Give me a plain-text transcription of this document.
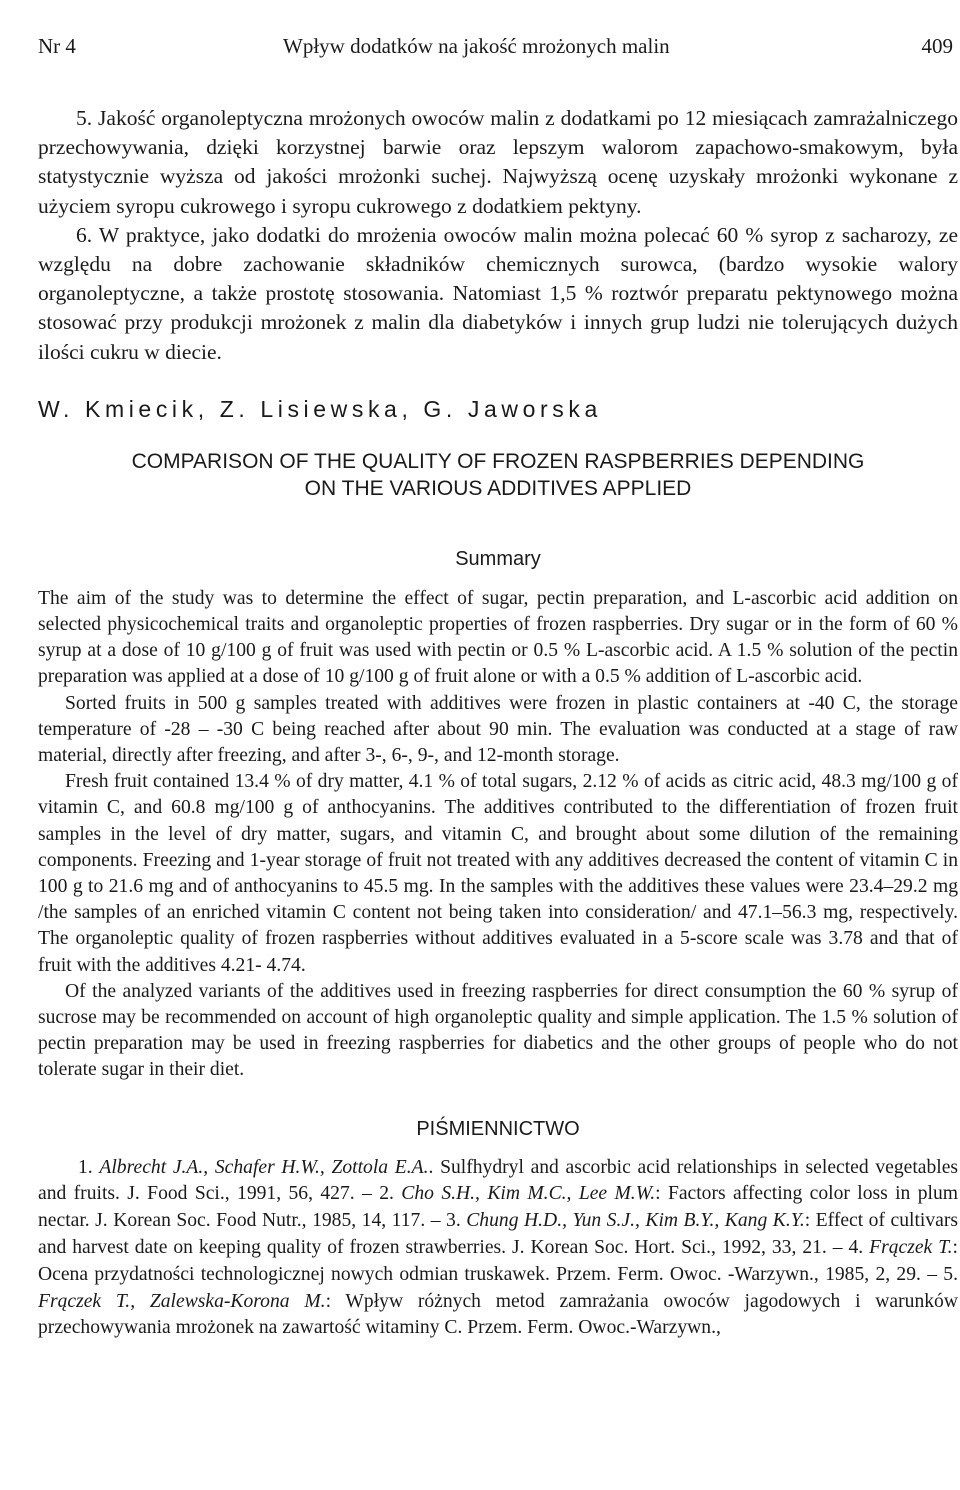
Nr 4	Wpływ dodatków na jakość mrożonych malin	409

5. Jakość organoleptyczna mrożonych owoców malin z dodatkami po 12 miesiącach zamrażalniczego przechowywania, dzięki korzystnej barwie oraz lepszym walorom zapachowo-smakowym, była statystycznie wyższa od jakości mrożonki suchej. Najwyższą ocenę uzyskały mrożonki wykonane z użyciem syropu cukrowego i syropu cukrowego z dodatkiem pektyny.

6. W praktyce, jako dodatki do mrożenia owoców malin można polecać 60 % syrop z sacharozy, ze względu na dobre zachowanie składników chemicznych surowca, (bardzo wysokie walory organoleptyczne, a także prostotę stosowania. Natomiast 1,5 % roztwór preparatu pektynowego można stosować przy produkcji mrożonek z malin dla diabetyków i innych grup ludzi nie tolerujących dużych ilości cukru w diecie.

W. Kmiecik, Z. Lisiewska, G. Jaworska
COMPARISON OF THE QUALITY OF FROZEN RASPBERRIES DEPENDING
ON THE VARIOUS ADDITIVES APPLIED
Summary

The aim of the study was to determine the effect of sugar, pectin preparation, and L-ascorbic acid addition on selected physicochemical traits and organoleptic properties of frozen raspberries. Dry sugar or in the form of 60 % syrup at a dose of 10 g/100 g of fruit was used with pectin or 0.5 % L-ascorbic acid. A 1.5 % solution of the pectin preparation was applied at a dose of 10 g/100 g of fruit alone or with a 0.5 % addition of L-ascorbic acid.

Sorted fruits in 500 g samples treated with additives were frozen in plastic containers at -40 C, the storage temperature of -28 – -30 C being reached after about 90 min. The evaluation was conducted at a stage of raw material, directly after freezing, and after 3-, 6-, 9-, and 12-month storage.

Fresh fruit contained 13.4 % of dry matter, 4.1 % of total sugars, 2.12 % of acids as citric acid, 48.3 mg/100 g of vitamin C, and 60.8 mg/100 g of anthocyanins. The additives contributed to the differentiation of frozen fruit samples in the level of dry matter, sugars, and vitamin C, and brought about some dilution of the remaining components. Freezing and 1-year storage of fruit not treated with any additives decreased the content of vitamin C in 100 g to 21.6 mg and of anthocyanins to 45.5 mg. In the samples with the additives these values were 23.4–29.2 mg /the samples of an enriched vitamin C content not being taken into consideration/ and 47.1–56.3 mg, respectively. The organoleptic quality of frozen raspberries without additives evaluated in a 5-score scale was 3.78 and that of fruit with the additives 4.21- 4.74.

Of the analyzed variants of the additives used in freezing raspberries for direct consumption the 60 % syrup of sucrose may be recommended on account of high organoleptic quality and simple application. The 1.5 % solution of pectin preparation may be used in freezing raspberries for diabetics and the other groups of people who do not tolerate sugar in their diet.

PIŚMIENNICTWO

1. Albrecht J.A., Schafer H.W., Zottola E.A.. Sulfhydryl and ascorbic acid relationships in selected vegetables and fruits. J. Food Sci., 1991, 56, 427. – 2. Cho S.H., Kim M.C., Lee M.W.: Factors affecting color loss in plum nectar. J. Korean Soc. Food Nutr., 1985, 14, 117. – 3. Chung H.D., Yun S.J., Kim B.Y., Kang K.Y.: Effect of cultivars and harvest date on keeping quality of frozen strawberries. J. Korean Soc. Hort. Sci., 1992, 33, 21. – 4. Frączek T.: Ocena przydatności technologicznej nowych odmian truskawek. Przem. Ferm. Owoc. -Warzywn., 1985, 2, 29. – 5. Frączek T., Zalewska-Korona M.: Wpływ różnych metod zamrażania owoców jagodowych i warunków przechowywania mrożonek na zawartość witaminy C. Przem. Ferm. Owoc.-Warzywn.,
